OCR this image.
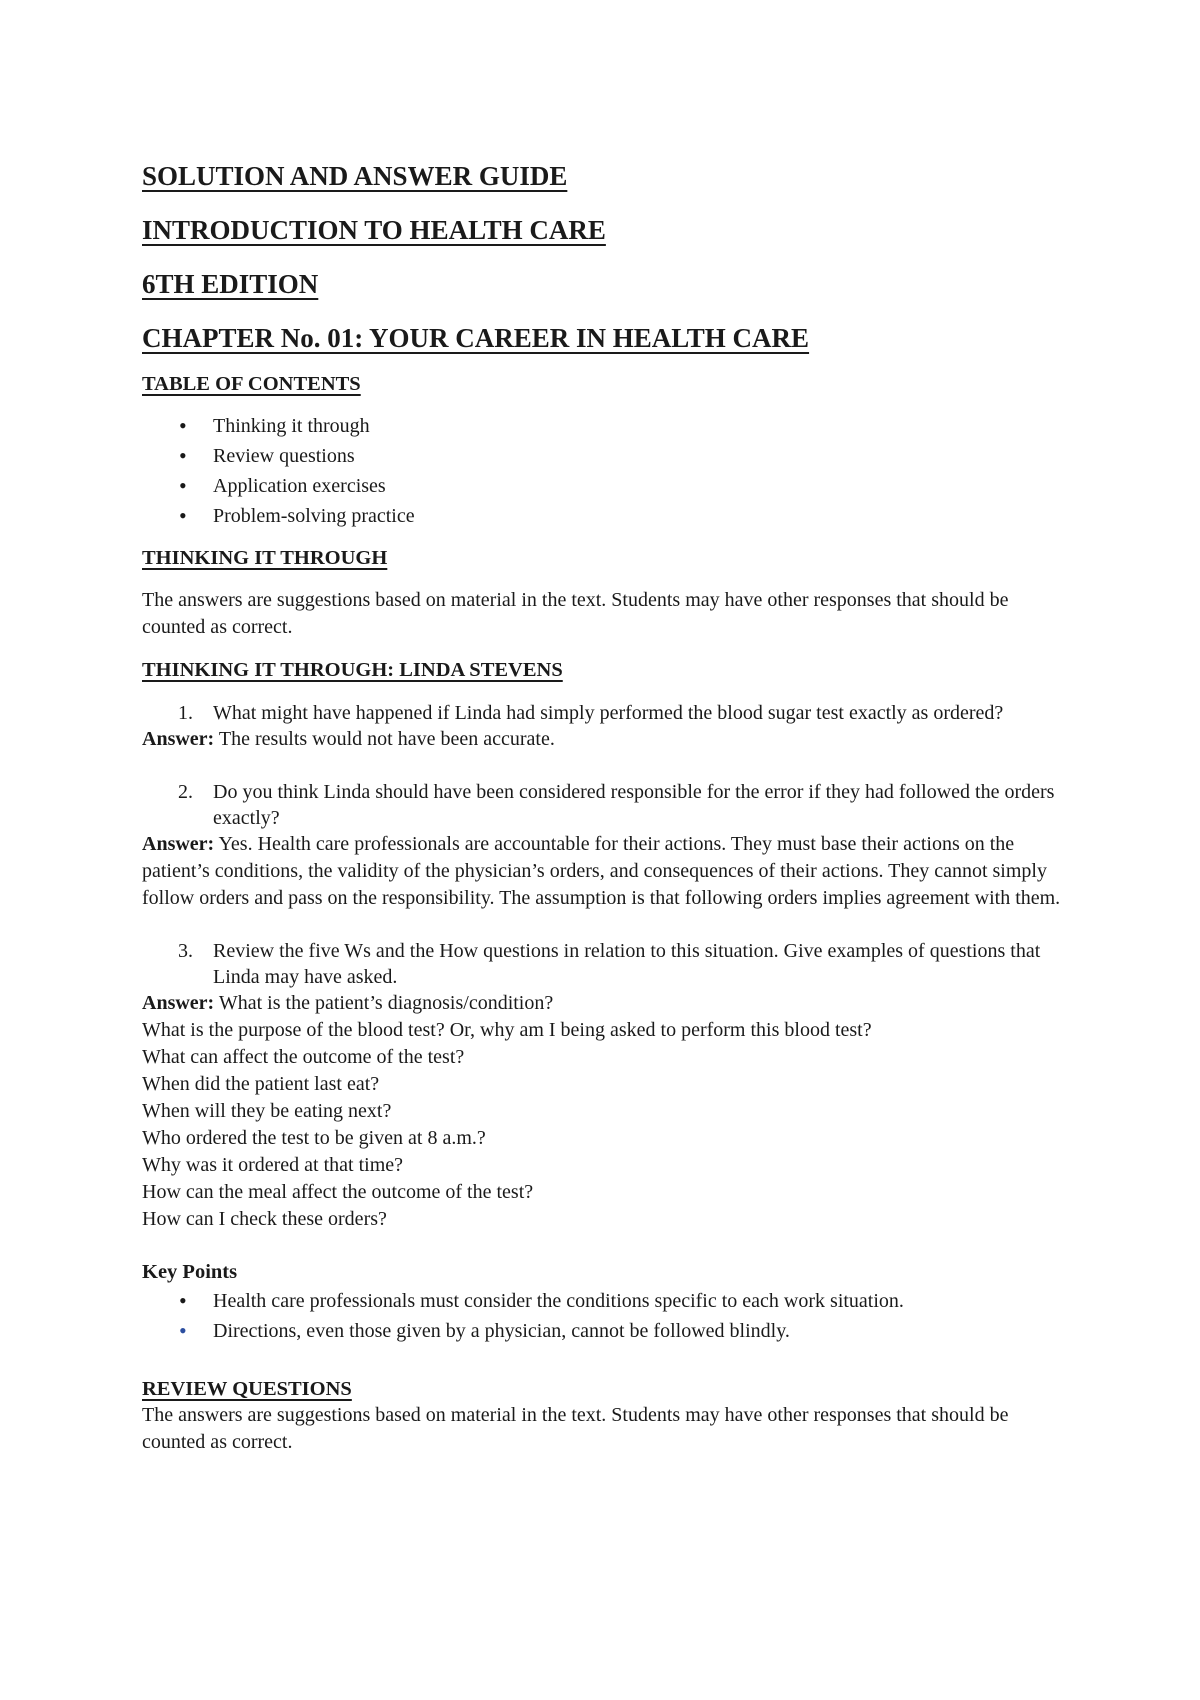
SOLUTION AND ANSWER GUIDE
INTRODUCTION TO HEALTH CARE
6TH EDITION
CHAPTER No. 01: YOUR CAREER IN HEALTH CARE
TABLE OF CONTENTS
• Thinking it through
• Review questions
• Application exercises
• Problem-solving practice
THINKING IT THROUGH
The answers are suggestions based on material in the text. Students may have other responses that should be counted as correct.
THINKING IT THROUGH: LINDA STEVENS
1. What might have happened if Linda had simply performed the blood sugar test exactly as ordered?
Answer: The results would not have been accurate.
2. Do you think Linda should have been considered responsible for the error if they had followed the orders exactly?
Answer: Yes. Health care professionals are accountable for their actions. They must base their actions on the patient’s conditions, the validity of the physician’s orders, and consequences of their actions. They cannot simply follow orders and pass on the responsibility. The assumption is that following orders implies agreement with them.
3. Review the five Ws and the How questions in relation to this situation. Give examples of questions that Linda may have asked.
Answer: What is the patient’s diagnosis/condition?
What is the purpose of the blood test? Or, why am I being asked to perform this blood test?
What can affect the outcome of the test?
When did the patient last eat?
When will they be eating next?
Who ordered the test to be given at 8 a.m.?
Why was it ordered at that time?
How can the meal affect the outcome of the test?
How can I check these orders?
Key Points
• Health care professionals must consider the conditions specific to each work situation.
• Directions, even those given by a physician, cannot be followed blindly.
REVIEW QUESTIONS
The answers are suggestions based on material in the text. Students may have other responses that should be counted as correct.
